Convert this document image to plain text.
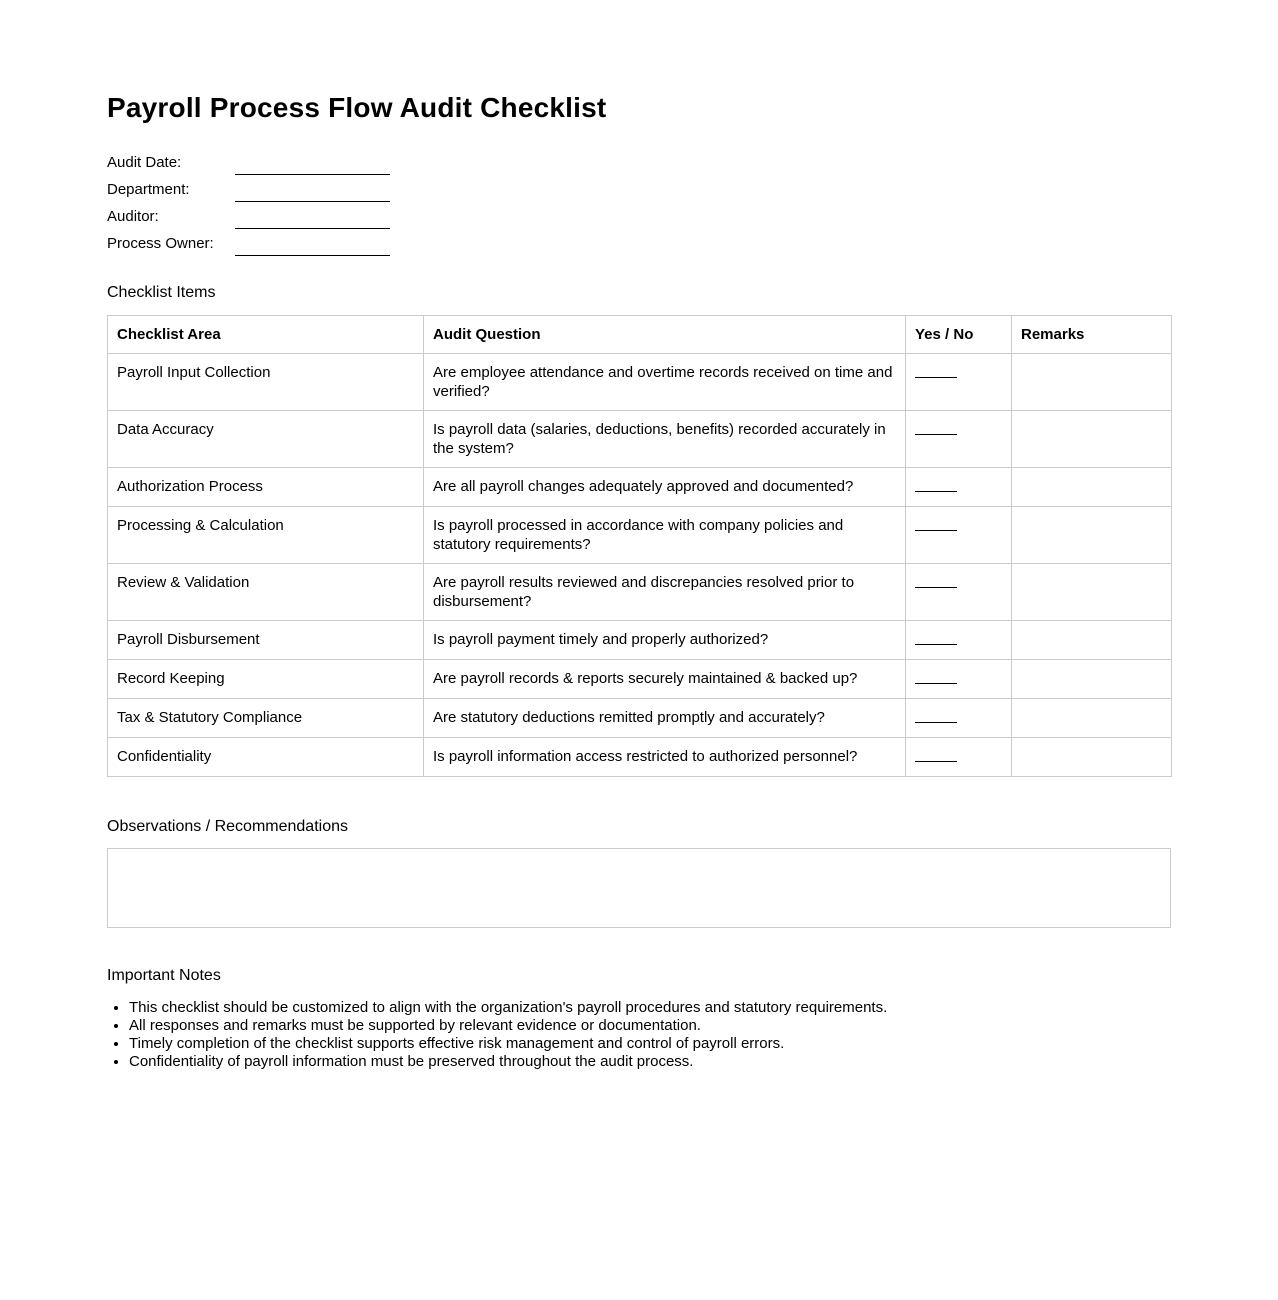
Payroll Process Flow Audit Checklist
Audit Date:
Department:
Auditor:
Process Owner:
Checklist Items
Checklist Area	Audit Question	Yes / No	Remarks
Payroll Input Collection	Are employee attendance and overtime records received on time and verified?		
Data Accuracy	Is payroll data (salaries, deductions, benefits) recorded accurately in the system?		
Authorization Process	Are all payroll changes adequately approved and documented?		
Processing & Calculation	Is payroll processed in accordance with company policies and statutory requirements?		
Review & Validation	Are payroll results reviewed and discrepancies resolved prior to disbursement?		
Payroll Disbursement	Is payroll payment timely and properly authorized?		
Record Keeping	Are payroll records & reports securely maintained & backed up?		
Tax & Statutory Compliance	Are statutory deductions remitted promptly and accurately?		
Confidentiality	Is payroll information access restricted to authorized personnel?		
Observations / Recommendations
Important Notes
• This checklist should be customized to align with the organization's payroll procedures and statutory requirements.
• All responses and remarks must be supported by relevant evidence or documentation.
• Timely completion of the checklist supports effective risk management and control of payroll errors.
• Confidentiality of payroll information must be preserved throughout the audit process.
